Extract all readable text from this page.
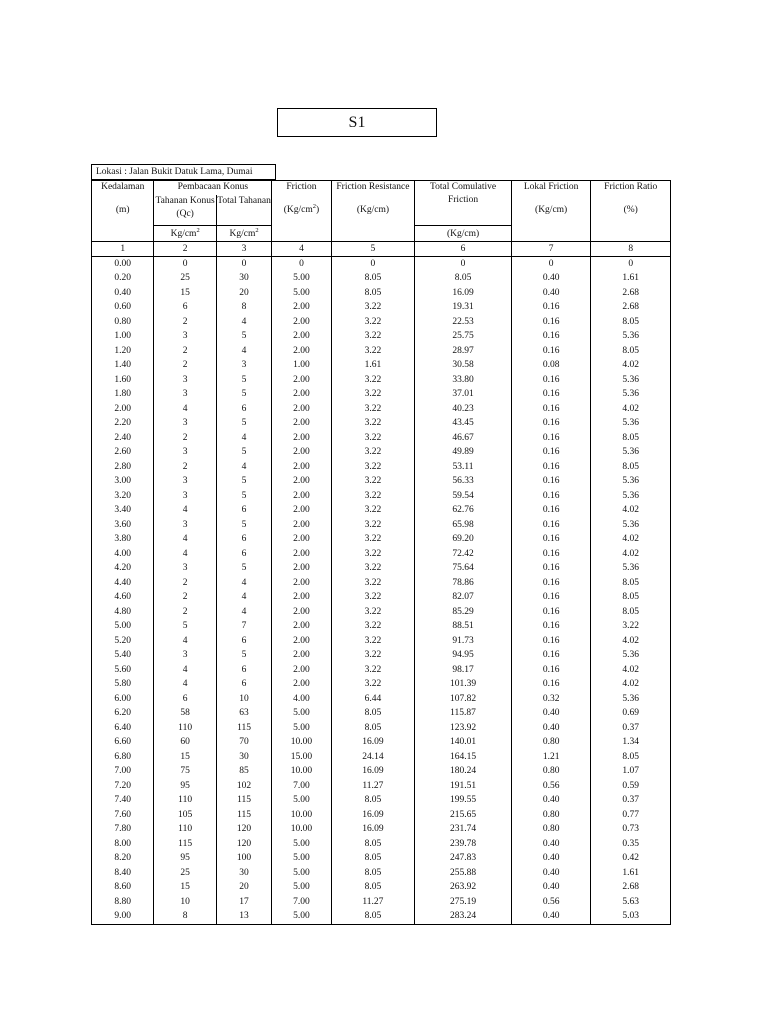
S1
Lokasi : Jalan Bukit Datuk Lama, Dumai
Kedalaman	Pembacaan Konus		Friction	Friction Resistance	Total Comulative Friction	Lokal Friction	Friction Ratio
(m)	Tahanan Konus (Qc)	Total Tahanan	$(Kg/cm^2)$	(Kg/cm)		(Kg/cm)	(%)
	$Kg/cm^2$	$Kg/cm^2$			(Kg/cm)		
1	2	3	4	5	6	7	8
0.00	0	0	0	0	0	0	0
0.20	25	30	5.00	8.05	8.05	0.40	1.61
0.40	15	20	5.00	8.05	16.09	0.40	2.68
0.60	6	8	2.00	3.22	19.31	0.16	2.68
0.80	2	4	2.00	3.22	22.53	0.16	8.05
1.00	3	5	2.00	3.22	25.75	0.16	5.36
1.20	2	4	2.00	3.22	28.97	0.16	8.05
1.40	2	3	1.00	1.61	30.58	0.08	4.02
1.60	3	5	2.00	3.22	33.80	0.16	5.36
1.80	3	5	2.00	3.22	37.01	0.16	5.36
2.00	4	6	2.00	3.22	40.23	0.16	4.02
2.20	3	5	2.00	3.22	43.45	0.16	5.36
2.40	2	4	2.00	3.22	46.67	0.16	8.05
2.60	3	5	2.00	3.22	49.89	0.16	5.36
2.80	2	4	2.00	3.22	53.11	0.16	8.05
3.00	3	5	2.00	3.22	56.33	0.16	5.36
3.20	3	5	2.00	3.22	59.54	0.16	5.36
3.40	4	6	2.00	3.22	62.76	0.16	4.02
3.60	3	5	2.00	3.22	65.98	0.16	5.36
3.80	4	6	2.00	3.22	69.20	0.16	4.02
4.00	4	6	2.00	3.22	72.42	0.16	4.02
4.20	3	5	2.00	3.22	75.64	0.16	5.36
4.40	2	4	2.00	3.22	78.86	0.16	8.05
4.60	2	4	2.00	3.22	82.07	0.16	8.05
4.80	2	4	2.00	3.22	85.29	0.16	8.05
5.00	5	7	2.00	3.22	88.51	0.16	3.22
5.20	4	6	2.00	3.22	91.73	0.16	4.02
5.40	3	5	2.00	3.22	94.95	0.16	5.36
5.60	4	6	2.00	3.22	98.17	0.16	4.02
5.80	4	6	2.00	3.22	101.39	0.16	4.02
6.00	6	10	4.00	6.44	107.82	0.32	5.36
6.20	58	63	5.00	8.05	115.87	0.40	0.69
6.40	110	115	5.00	8.05	123.92	0.40	0.37
6.60	60	70	10.00	16.09	140.01	0.80	1.34
6.80	15	30	15.00	24.14	164.15	1.21	8.05
7.00	75	85	10.00	16.09	180.24	0.80	1.07
7.20	95	102	7.00	11.27	191.51	0.56	0.59
7.40	110	115	5.00	8.05	199.55	0.40	0.37
7.60	105	115	10.00	16.09	215.65	0.80	0.77
7.80	110	120	10.00	16.09	231.74	0.80	0.73
8.00	115	120	5.00	8.05	239.78	0.40	0.35
8.20	95	100	5.00	8.05	247.83	0.40	0.42
8.40	25	30	5.00	8.05	255.88	0.40	1.61
8.60	15	20	5.00	8.05	263.92	0.40	2.68
8.80	10	17	7.00	11.27	275.19	0.56	5.63
9.00	8	13	5.00	8.05	283.24	0.40	5.03
